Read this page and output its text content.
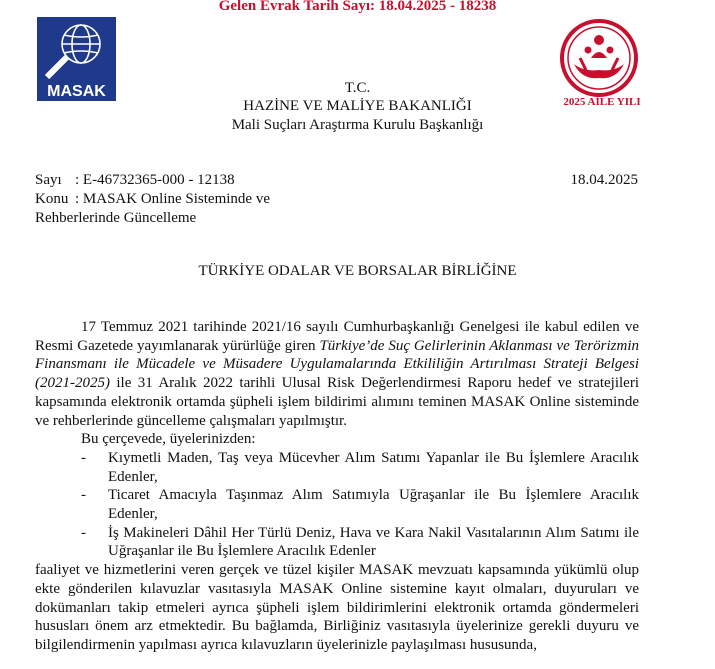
Gelen Evrak Tarih Sayı: 18.04.2025 - 18238
MASAK
2025 AİLE YILI
T.C.
HAZİNE VE MALİYE BAKANLIĞI
Mali Suçları Araştırma Kurulu Başkanlığı
Sayı : E-46732365-000 - 12138	18.04.2025
Konu : MASAK Online Sisteminde ve
Rehberlerinde Güncelleme
TÜRKİYE ODALAR VE BORSALAR BİRLİĞİNE

17 Temmuz 2021 tarihinde 2021/16 sayılı Cumhurbaşkanlığı Genelgesi ile kabul edilen ve Resmi Gazetede yayımlanarak yürürlüğe giren Türkiye’de Suç Gelirlerinin Aklanması ve Terörizmin Finansmanı ile Mücadele ve Müsadere Uygulamalarında Etkililiğin Artırılması Strateji Belgesi (2021-2025) ile 31 Aralık 2022 tarihli Ulusal Risk Değerlendirmesi Raporu hedef ve stratejileri kapsamında elektronik ortamda şüpheli işlem bildirimi alımını teminen MASAK Online sisteminde ve rehberlerinde güncelleme çalışmaları yapılmıştır.

Bu çerçevede, üyelerinizden:

- Kıymetli Maden, Taş veya Mücevher Alım Satımı Yapanlar ile Bu İşlemlere Aracılık Edenler,
- Ticaret Amacıyla Taşınmaz Alım Satımıyla Uğraşanlar ile Bu İşlemlere Aracılık Edenler,
- İş Makineleri Dâhil Her Türlü Deniz, Hava ve Kara Nakil Vasıtalarının Alım Satımı ile Uğraşanlar ile Bu İşlemlere Aracılık Edenler

faaliyet ve hizmetlerini veren gerçek ve tüzel kişiler MASAK mevzuatı kapsamında yükümlü olup ekte gönderilen kılavuzlar vasıtasıyla MASAK Online sistemine kayıt olmaları, duyuruları ve dokümanları takip etmeleri ayrıca şüpheli işlem bildirimlerini elektronik ortamda göndermeleri hususları önem arz etmektedir. Bu bağlamda, Birliğiniz vasıtasıyla üyelerinize gerekli duyuru ve bilgilendirmenin yapılması ayrıca kılavuzların üyelerinizle paylaşılması hususunda,
